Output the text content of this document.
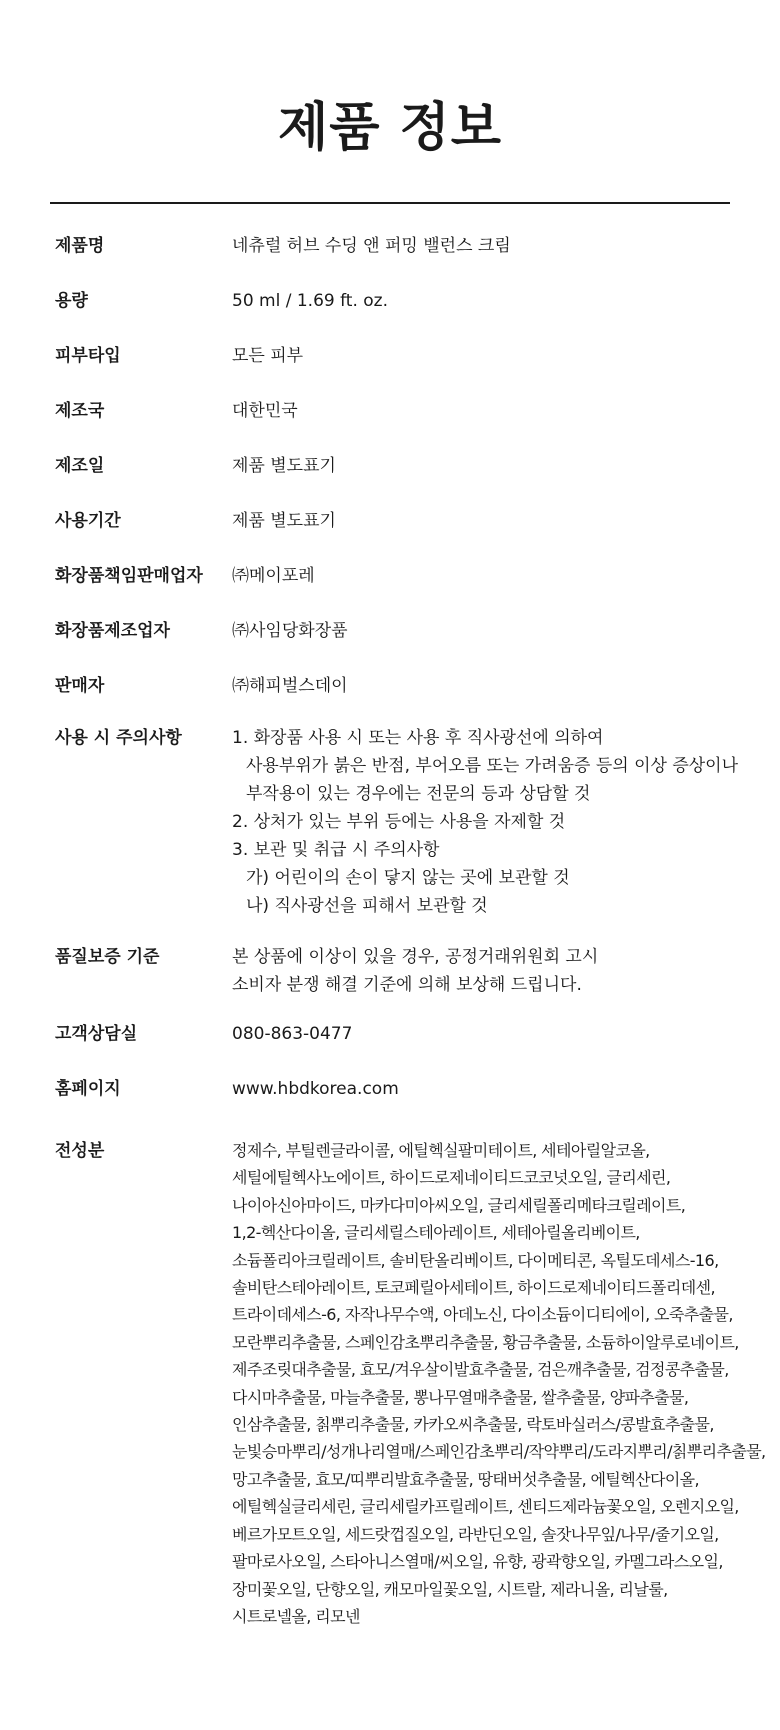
제품 정보
제품명	네츄럴 허브 수딩 앤 퍼밍 밸런스 크림
용량	50 ml / 1.69 ft. oz.
피부타입	모든 피부
제조국	대한민국
제조일	제품 별도표기
사용기간	제품 별도표기
화장품책임판매업자	㈜메이포레
화장품제조업자	㈜사임당화장품
판매자	㈜해피벌스데이
사용 시 주의사항	1. 화장품 사용 시 또는 사용 후 직사광선에 의하여
사용부위가 붉은 반점, 부어오름 또는 가려움증 등의 이상 증상이나
부작용이 있는 경우에는 전문의 등과 상담할 것
2. 상처가 있는 부위 등에는 사용을 자제할 것
3. 보관 및 취급 시 주의사항
가) 어린이의 손이 닿지 않는 곳에 보관할 것
나) 직사광선을 피해서 보관할 것
품질보증 기준	본 상품에 이상이 있을 경우, 공정거래위원회 고시
소비자 분쟁 해결 기준에 의해 보상해 드립니다.
고객상담실	080-863-0477
홈페이지	www.hbdkorea.com
전성분	정제수, 부틸렌글라이콜, 에틸헥실팔미테이트, 세테아릴알코올,
세틸에틸헥사노에이트, 하이드로제네이티드코코넛오일, 글리세린,
나이아신아마이드, 마카다미아씨오일, 글리세릴폴리메타크릴레이트,
1,2-헥산다이올, 글리세릴스테아레이트, 세테아릴올리베이트,
소듐폴리아크릴레이트, 솔비탄올리베이트, 다이메티콘, 옥틸도데세스-16,
솔비탄스테아레이트, 토코페릴아세테이트, 하이드로제네이티드폴리데센,
트라이데세스-6, 자작나무수액, 아데노신, 다이소듐이디티에이, 오죽추출물,
모란뿌리추출물, 스페인감초뿌리추출물, 황금추출물, 소듐하이알루로네이트,
제주조릿대추출물, 효모/겨우살이발효추출물, 검은깨추출물, 검정콩추출물,
다시마추출물, 마늘추출물, 뽕나무열매추출물, 쌀추출물, 양파추출물,
인삼추출물, 칡뿌리추출물, 카카오씨추출물, 락토바실러스/콩발효추출물,
눈빛승마뿌리/성개나리열매/스페인감초뿌리/작약뿌리/도라지뿌리/칡뿌리추출물,
망고추출물, 효모/띠뿌리발효추출물, 땅태버섯추출물, 에틸헥산다이올,
에틸헥실글리세린, 글리세릴카프릴레이트, 센티드제라늄꽃오일, 오렌지오일,
베르가모트오일, 세드랏껍질오일, 라반딘오일, 솔잣나무잎/나무/줄기오일,
팔마로사오일, 스타아니스열매/씨오일, 유향, 광곽향오일, 카멜그라스오일,
장미꽃오일, 단향오일, 캐모마일꽃오일, 시트랄, 제라니올, 리날룰,
시트로넬올, 리모넨
